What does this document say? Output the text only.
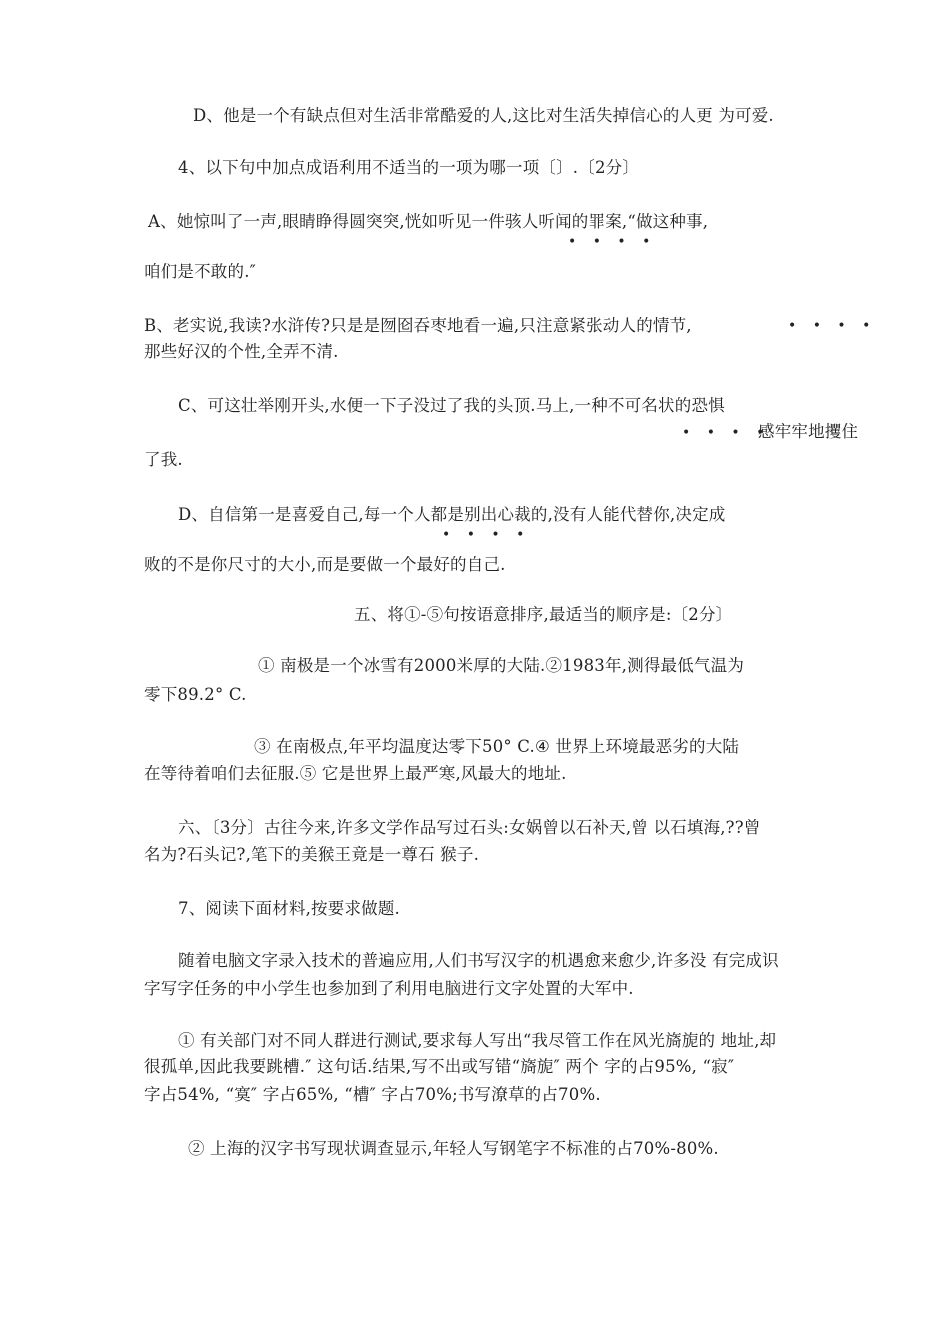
D、他是一个有缺点但对生活非常酷爱的人,这比对生活失掉信心的人更 为可爱.
4、以下句中加点成语利用不适当的一项为哪一项〔〕.〔2分〕
A、她惊叫了一声,眼睛睁得圆突突,恍如听见一件骇人听闻的罪案,“做这种事,
• • • •
咱们是不敢的.″
B、老实说,我读?水浒传?只是是囫囵吞枣地看一遍,只注意紧张动人的情节,	• • • •
那些好汉的个性,全弄不清.
C、可这壮举刚开头,水便一下子没过了我的头顶.马上,一种不可名状的恐惧
• • • •
感牢牢地攫住
了我.
D、自信第一是喜爱自己,每一个人都是别出心裁的,没有人能代替你,决定成
• • • •
败的不是你尺寸的大小,而是要做一个最好的自己.
五、将①-⑤句按语意排序,最适当的顺序是:〔2分〕
① 南极是一个冰雪有2000米厚的大陆.②1983年,测得最低气温为
零下89.2° C.
③ 在南极点,年平均温度达零下50° C.④ 世界上环境最恶劣的大陆
在等待着咱们去征服.⑤ 它是世界上最严寒,风最大的地址.
六、〔3分〕古往今来,许多文学作品写过石头:女娲曾以石补天,曾 以石填海,??曾
名为?石头记?,笔下的美猴王竟是一尊石 猴子.
7、阅读下面材料,按要求做题.
随着电脑文字录入技术的普遍应用,人们书写汉字的机遇愈来愈少,许多没 有完成识
字写字任务的中小学生也参加到了利用电脑进行文字处置的大军中.
① 有关部门对不同人群进行测试,要求每人写出“我尽管工作在风光旖旎的 地址,却
很孤单,因此我要跳槽.″ 这句话.结果,写不出或写错“旖旎″ 两个 字的占95%, “寂″
字占54%, “寞″ 字占65%, “槽″ 字占70%;书写潦草的占70%.
② 上海的汉字书写现状调查显示,年轻人写钢笔字不标准的占70%-80%.
